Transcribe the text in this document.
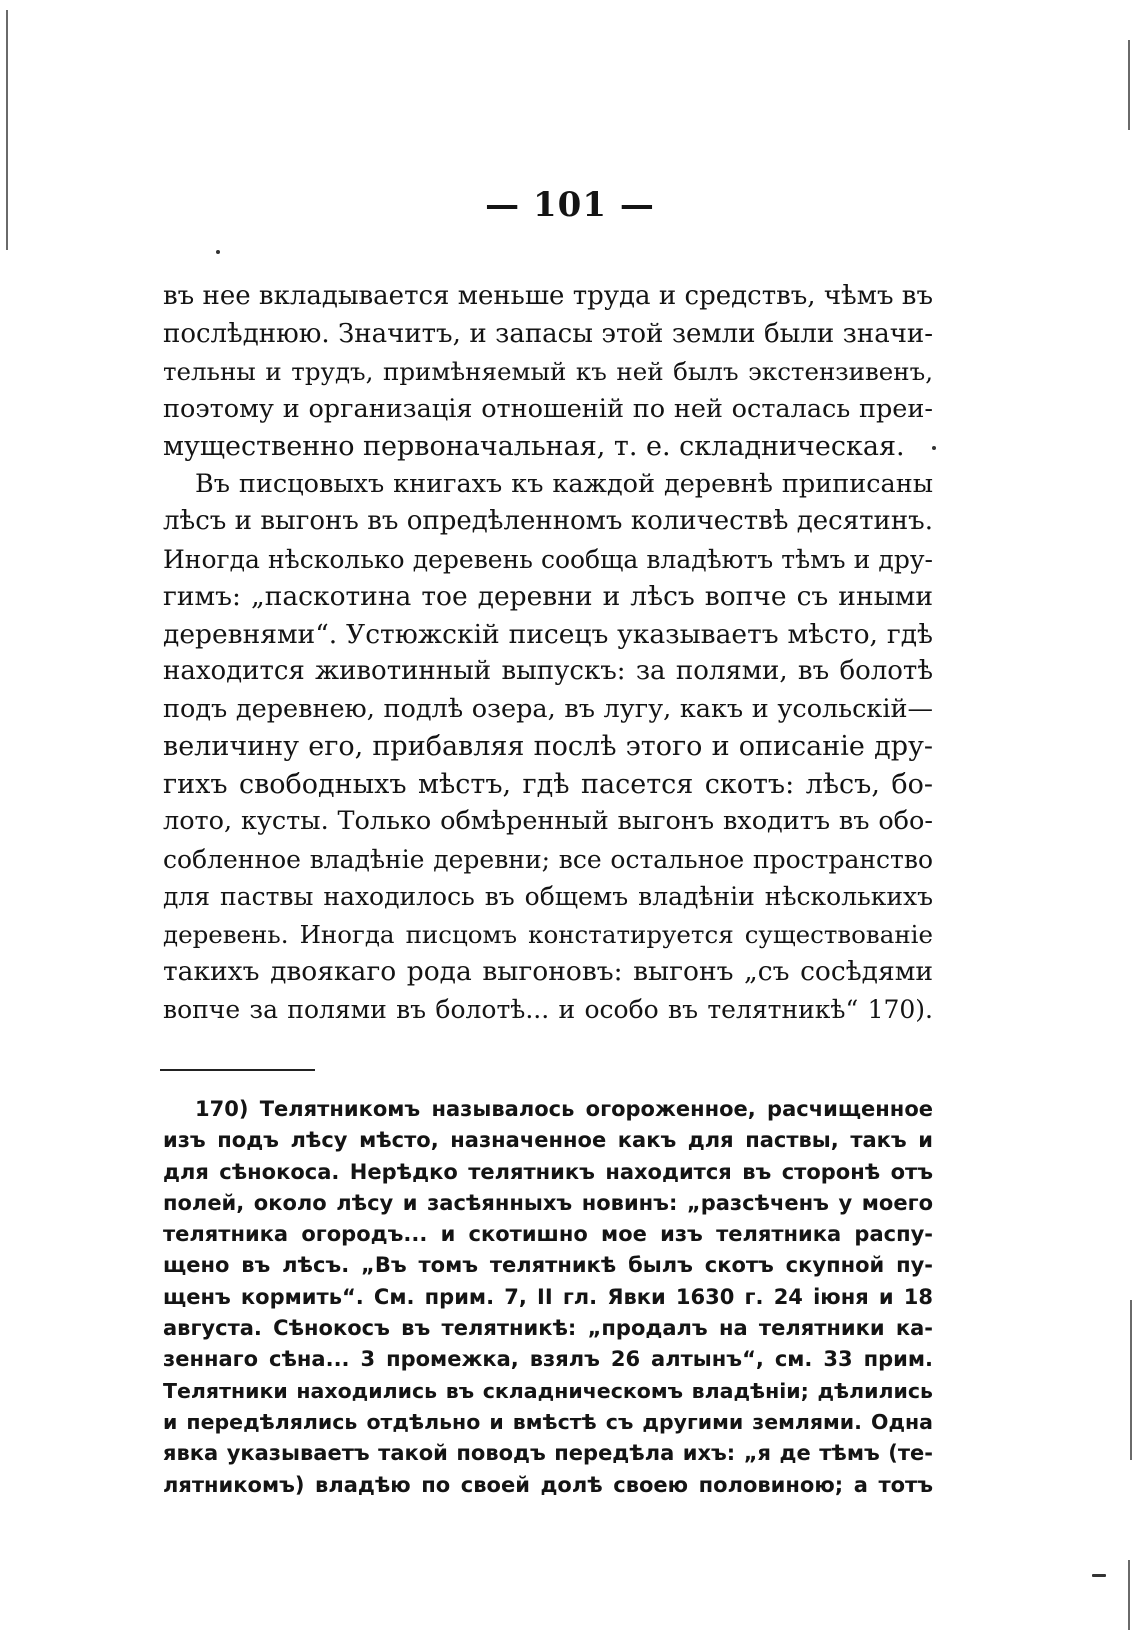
— 101 —
въ нее вкладывается меньше труда и средствъ, чѣмъ въ
послѣднюю. Значитъ, и запасы этой земли были значи-
тельны и трудъ, примѣняемый къ ней былъ экстензивенъ,
поэтому и организація отношеній по ней осталась преи-
мущественно первоначальная, т. е. складническая.
Въ писцовыхъ книгахъ къ каждой деревнѣ приписаны
лѣсъ и выгонъ въ опредѣленномъ количествѣ десятинъ.
Иногда нѣсколько деревень сообща владѣютъ тѣмъ и дру-
гимъ: „паскотина тое деревни и лѣсъ вопче съ иными
деревнями“. Устюжскій писецъ указываетъ мѣсто, гдѣ
находится животинный выпускъ: за полями, въ болотѣ
подъ деревнею, подлѣ озера, въ лугу, какъ и усольскій—
величину его, прибавляя послѣ этого и описаніе дру-
гихъ свободныхъ мѣстъ, гдѣ пасется скотъ: лѣсъ, бо-
лото, кусты. Только обмѣренный выгонъ входитъ въ обо-
собленное владѣніе деревни; все остальное пространство
для паствы находилось въ общемъ владѣніи нѣсколькихъ
деревень. Иногда писцомъ констатируется существованіе
такихъ двоякаго рода выгоновъ: выгонъ „съ сосѣдями
вопче за полями въ болотѣ... и особо въ телятникѣ“ 170).
170) Телятникомъ называлось огороженное, расчищенное
изъ подъ лѣсу мѣсто, назначенное какъ для паствы, такъ и
для сѣнокоса. Нерѣдко телятникъ находится въ сторонѣ отъ
полей, около лѣсу и засѣянныхъ новинъ: „разсѣченъ у моего
телятника огородъ... и скотишно мое изъ телятника распу-
щено въ лѣсъ. „Въ томъ телятникѣ былъ скотъ скупной пу-
щенъ кормить“. См. прим. 7, II гл. Явки 1630 г. 24 іюня и 18
августа. Сѣнокосъ въ телятникѣ: „продалъ на телятники ка-
зеннаго сѣна... 3 промежка, взялъ 26 алтынъ“, см. 33 прим.
Телятники находились въ складническомъ владѣніи; дѣлились
и передѣлялись отдѣльно и вмѣстѣ съ другими землями. Одна
явка указываетъ такой поводъ передѣла ихъ: „я де тѣмъ (те-
лятникомъ) владѣю по своей долѣ своею половиною; а тотъ
